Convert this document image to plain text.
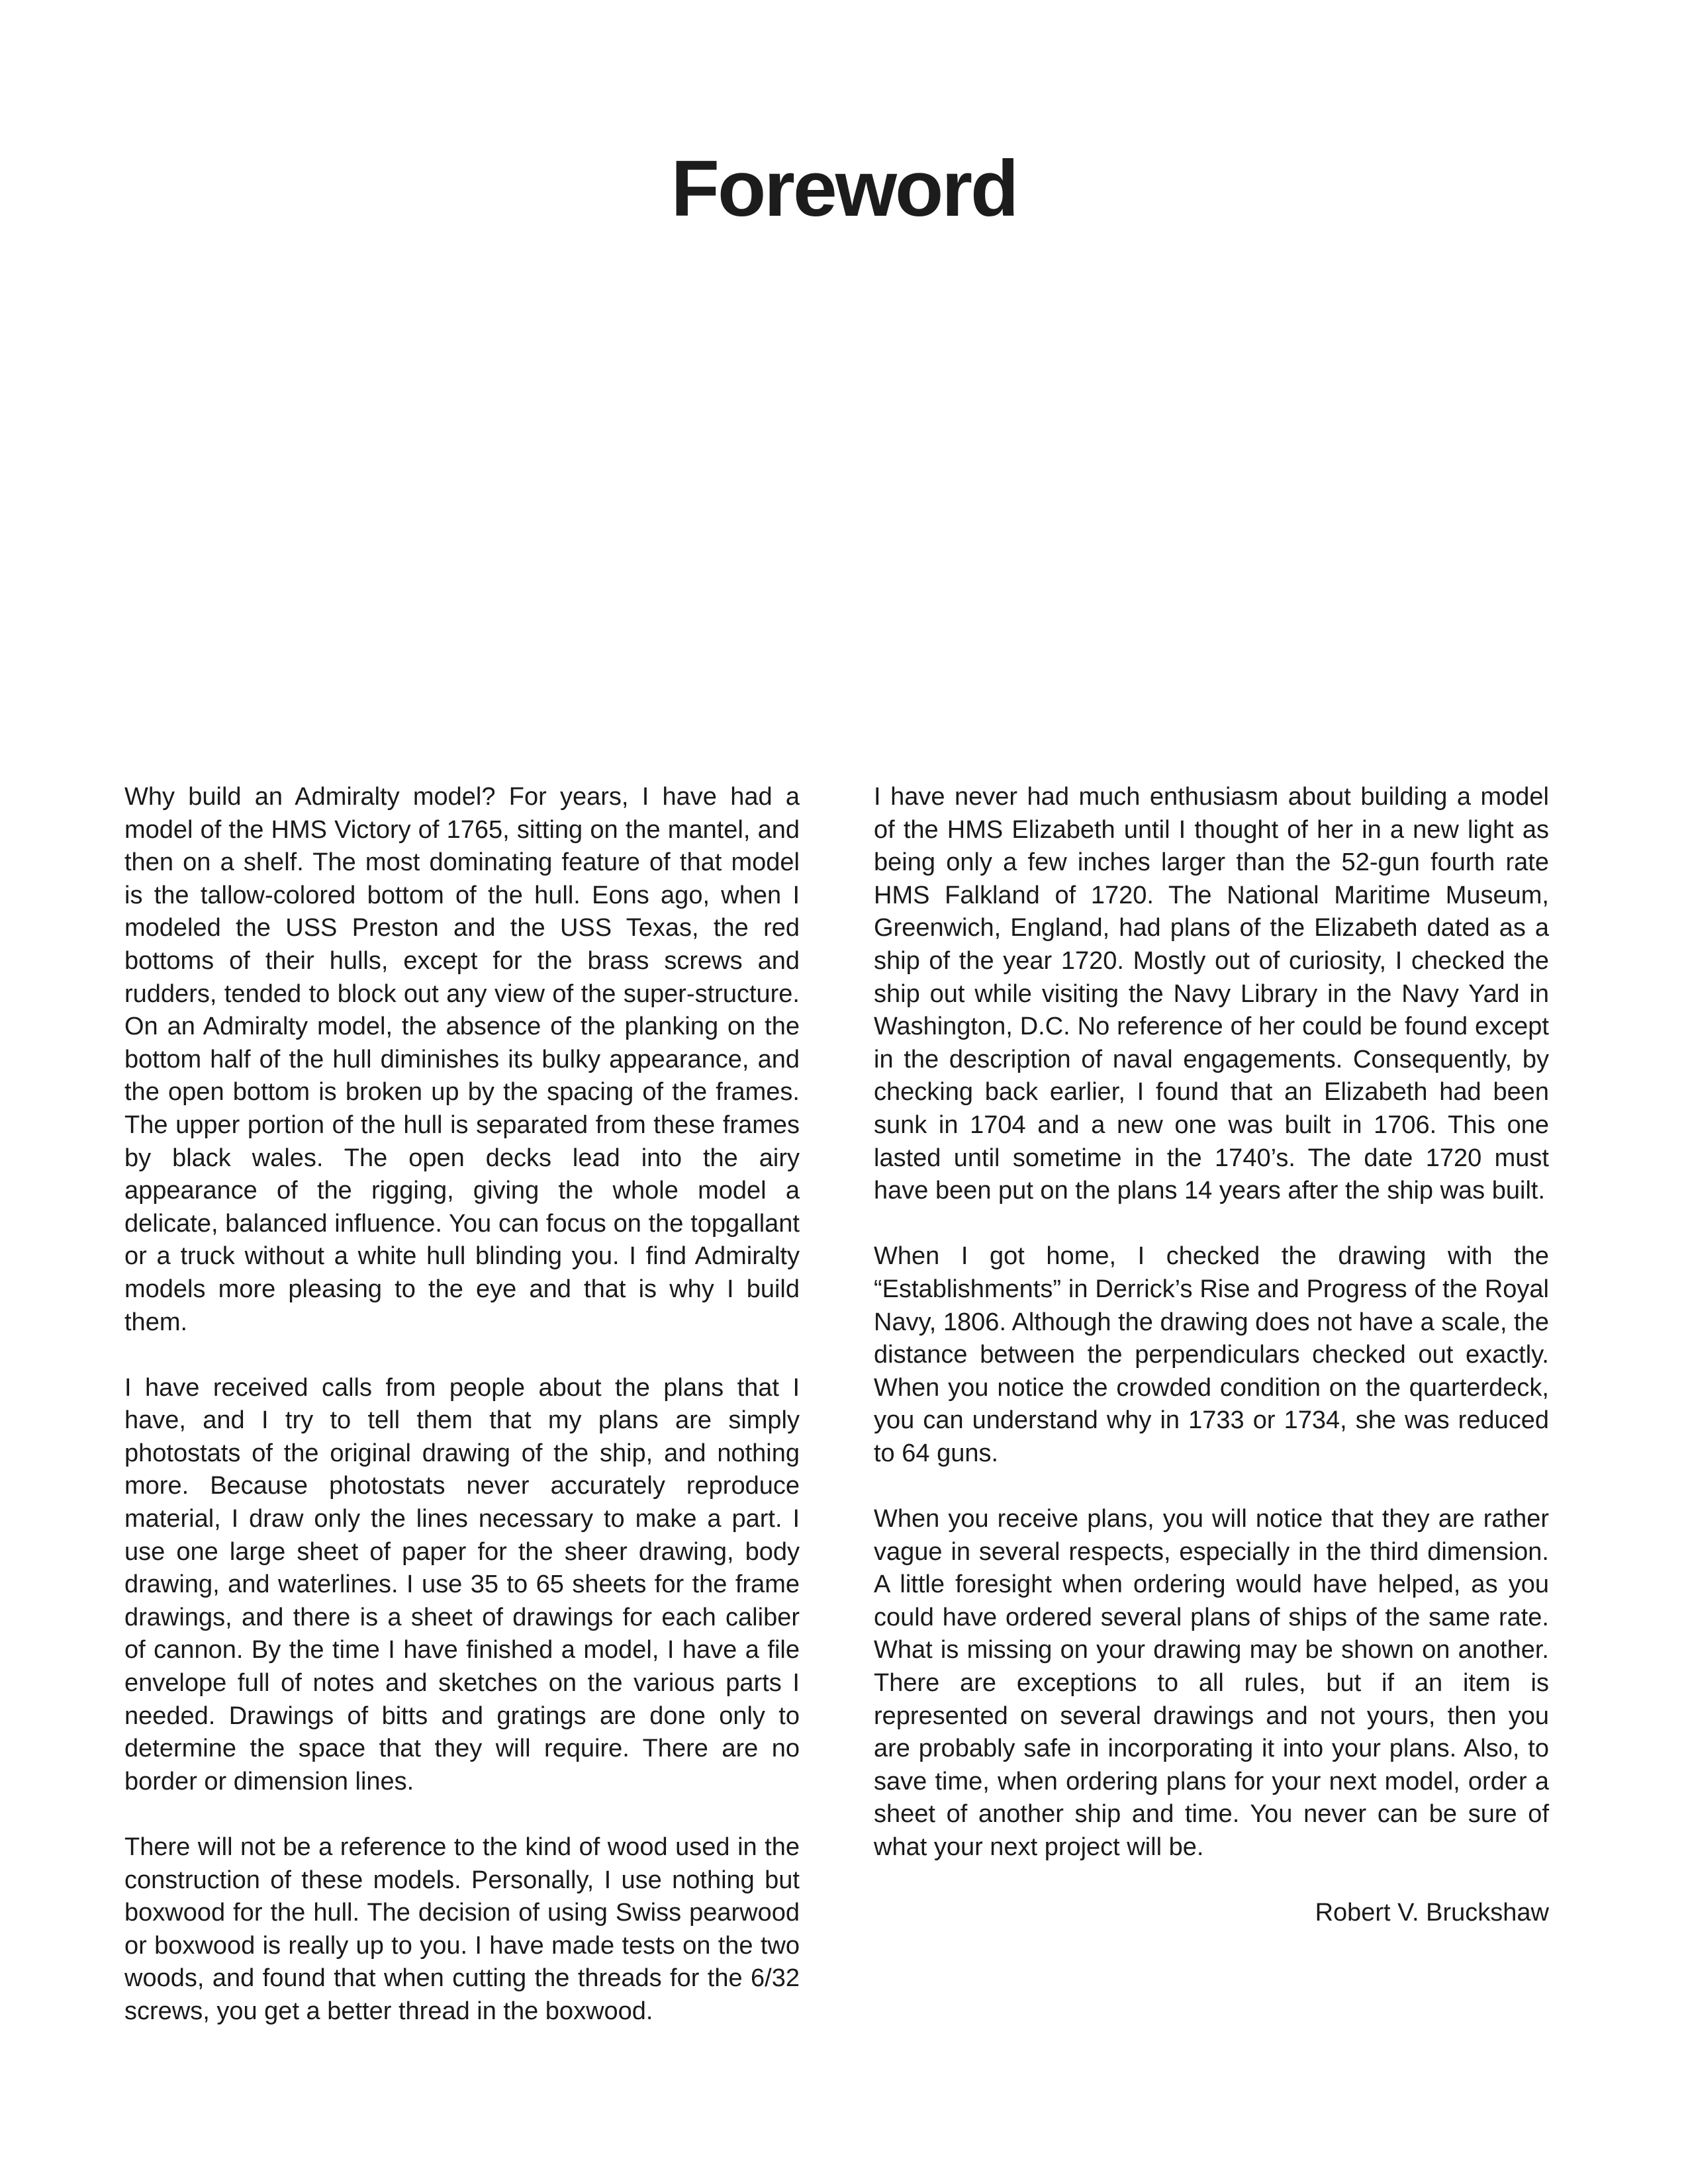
Foreword

Why build an Admiralty model? For years, I have had a model of the HMS Victory of 1765, sitting on the mantel, and then on a shelf. The most dominating feature of that model is the tallow-colored bottom of the hull. Eons ago, when I modeled the USS Preston and the USS Texas, the red bottoms of their hulls, except for the brass screws and rudders, tended to block out any view of the super-structure. On an Admiralty model, the absence of the planking on the bottom half of the hull diminishes its bulky appearance, and the open bottom is broken up by the spacing of the frames. The upper portion of the hull is separated from these frames by black wales. The open decks lead into the airy appearance of the rigging, giving the whole model a delicate, balanced influence. You can focus on the topgallant or a truck without a white hull blinding you. I find Admiralty models more pleasing to the eye and that is why I build them.

I have received calls from people about the plans that I have, and I try to tell them that my plans are simply photostats of the original drawing of the ship, and nothing more. Because photostats never accurately reproduce material, I draw only the lines necessary to make a part. I use one large sheet of paper for the sheer drawing, body drawing, and waterlines. I use 35 to 65 sheets for the frame drawings, and there is a sheet of drawings for each caliber of cannon. By the time I have finished a model, I have a file envelope full of notes and sketches on the various parts I needed. Drawings of bitts and gratings are done only to determine the space that they will require. There are no border or dimension lines.

There will not be a reference to the kind of wood used in the construction of these models. Personally, I use nothing but boxwood for the hull. The decision of using Swiss pearwood or boxwood is really up to you. I have made tests on the two woods, and found that when cutting the threads for the 6/32 screws, you get a better thread in the boxwood.

I have never had much enthusiasm about building a model of the HMS Elizabeth until I thought of her in a new light as being only a few inches larger than the 52-gun fourth rate HMS Falkland of 1720. The National Maritime Museum, Greenwich, England, had plans of the Elizabeth dated as a ship of the year 1720. Mostly out of curiosity, I checked the ship out while visiting the Navy Library in the Navy Yard in Washington, D.C. No reference of her could be found except in the description of naval engagements. Consequently, by checking back earlier, I found that an Elizabeth had been sunk in 1704 and a new one was built in 1706. This one lasted until sometime in the 1740’s. The date 1720 must have been put on the plans 14 years after the ship was built.

When I got home, I checked the drawing with the “Establishments” in Derrick’s Rise and Progress of the Royal Navy, 1806. Although the drawing does not have a scale, the distance between the perpendiculars checked out exactly. When you notice the crowded condition on the quarterdeck, you can understand why in 1733 or 1734, she was reduced to 64 guns.

When you receive plans, you will notice that they are rather vague in several respects, especially in the third dimension. A little foresight when ordering would have helped, as you could have ordered several plans of ships of the same rate. What is missing on your drawing may be shown on another. There are exceptions to all rules, but if an item is represented on several drawings and not yours, then you are probably safe in incorporating it into your plans. Also, to save time, when ordering plans for your next model, order a sheet of another ship and time. You never can be sure of what your next project will be.

Robert V. Bruckshaw
